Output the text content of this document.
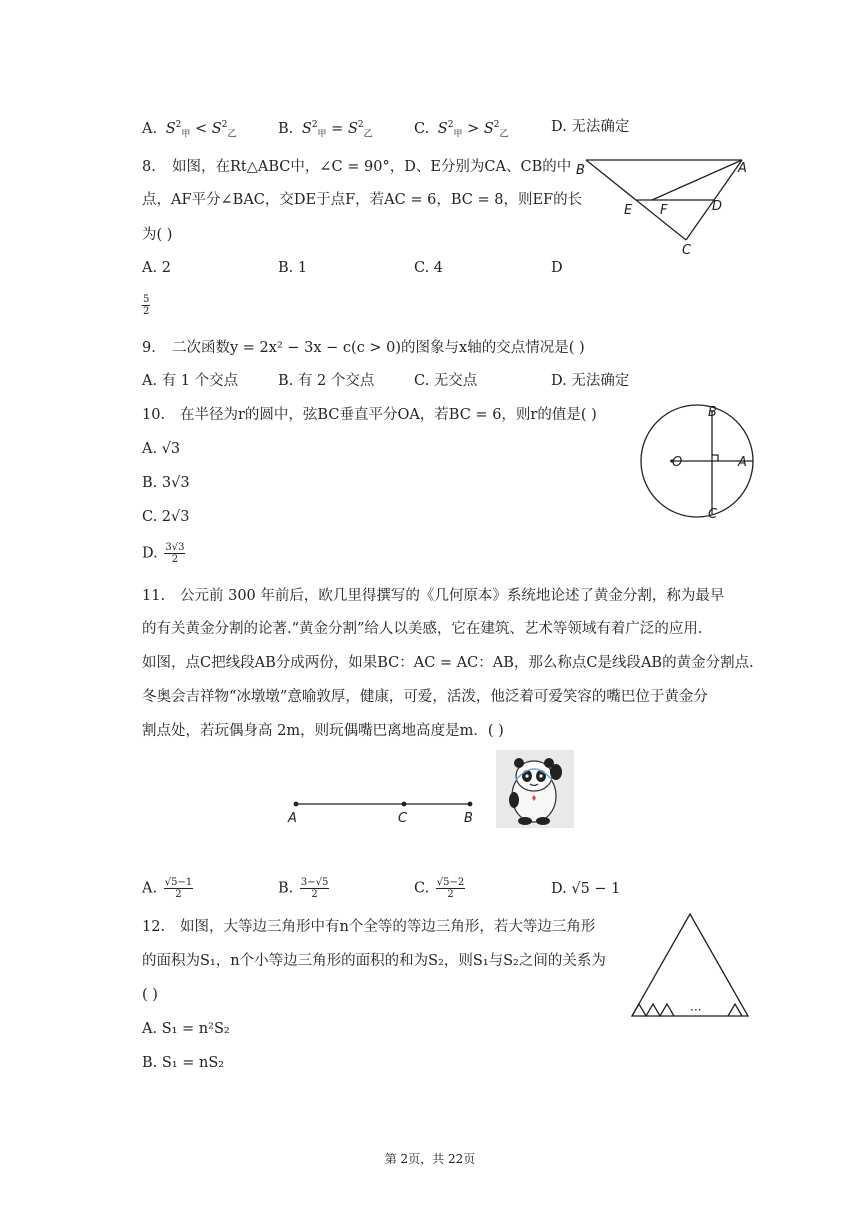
A. $S^2_甲 < S^2_乙$	B. $S^2_甲 = S^2_乙$	C. $S^2_甲 > S^2_乙$	D. 无法确定
8. 如图，在Rt△ABC中，∠C = 90°，D、E分别为CA、CB的中
点，AF平分∠BAC，交DE于点F，若AC = 6，BC = 8，则EF的长
为( )
A. 2	B. 1	C. 4	D
$\frac{5}{2}$
B	A
E F	D
C
9. 二次函数y = 2x² − 3x − c(c > 0)的图象与x轴的交点情况是( )
A. 有 1 个交点	B. 有 2 个交点	C. 无交点	D. 无法确定
10. 在半径为r的圆中，弦BC垂直平分OA，若BC = 6，则r的值是( )
A. √3
B. 3√3
C. 2√3
D. $\frac{3√3}{2}$
B
O	A
C
11. 公元前 300 年前后，欧几里得撰写的《几何原本》系统地论述了黄金分割，称为最早
的有关黄金分割的论著.“黄金分割”给人以美感，它在建筑、艺术等领域有着广泛的应用.
如图，点C把线段AB分成两份，如果BC：AC = AC：AB，那么称点C是线段AB的黄金分割点.
冬奥会吉祥物“冰墩墩”意喻敦厚，健康，可爱，活泼，他泛着可爱笑容的嘴巴位于黄金分
割点处，若玩偶身高 2m，则玩偶嘴巴离地高度是m．( )
A	C	B
A. $\frac{√5-1}{2}$	B. $\frac{3-√5}{2}$	C. $\frac{√5-2}{2}$	D. √5 − 1
12. 如图，大等边三角形中有n个全等的等边三角形，若大等边三角形
的面积为S₁，n个小等边三角形的面积的和为S₂，则S₁与S₂之间的关系为
( )
A. S₁ = n²S₂
B. S₁ = nS₂
···
第 2页，共 22页
